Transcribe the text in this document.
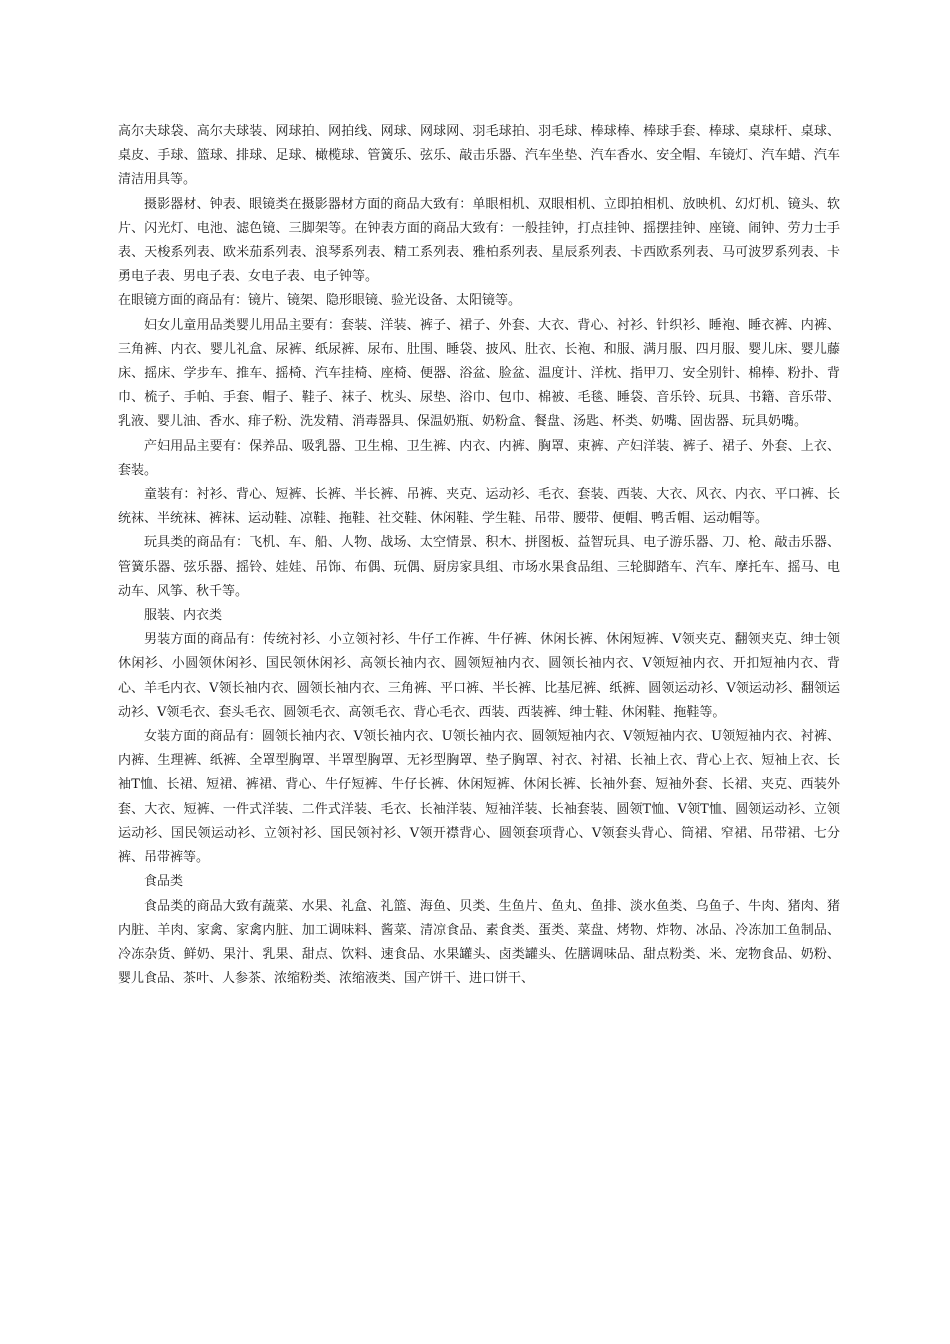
高尔夫球袋、高尔夫球装、网球拍、网拍线、网球、网球网、羽毛球拍、羽毛球、棒球棒、棒球手套、棒球、桌球杆、桌球、桌皮、手球、篮球、排球、足球、橄榄球、管簧乐、弦乐、敲击乐器、汽车坐垫、汽车香水、安全帽、车镜灯、汽车蜡、汽车清洁用具等。

摄影器材、钟表、眼镜类在摄影器材方面的商品大致有：单眼相机、双眼相机、立即拍相机、放映机、幻灯机、镜头、软片、闪光灯、电池、滤色镜、三脚架等。在钟表方面的商品大致有：一般挂钟，打点挂钟、摇摆挂钟、座镜、闹钟、劳力士手表、天梭系列表、欧米茄系列表、浪琴系列表、精工系列表、雅柏系列表、星辰系列表、卡西欧系列表、马可波罗系列表、卡勇电子表、男电子表、女电子表、电子钟等。

在眼镜方面的商品有：镜片、镜架、隐形眼镜、验光设备、太阳镜等。

妇女儿童用品类婴儿用品主要有：套装、洋装、裤子、裙子、外套、大衣、背心、衬衫、针织衫、睡袍、睡衣裤、内裤、三角裤、内衣、婴儿礼盒、尿裤、纸尿裤、尿布、肚围、睡袋、披风、肚衣、长袍、和服、满月服、四月服、婴儿床、婴儿藤床、摇床、学步车、推车、摇椅、汽车挂椅、座椅、便器、浴盆、脸盆、温度计、洋枕、指甲刀、安全别针、棉棒、粉扑、背巾、梳子、手帕、手套、帽子、鞋子、袜子、枕头、尿垫、浴巾、包巾、棉被、毛毯、睡袋、音乐铃、玩具、书籍、音乐带、乳液、婴儿油、香水、痱子粉、洗发精、消毒器具、保温奶瓶、奶粉盒、餐盘、汤匙、杯类、奶嘴、固齿器、玩具奶嘴。

产妇用品主要有：保养品、吸乳器、卫生棉、卫生裤、内衣、内裤、胸罩、束裤、产妇洋装、裤子、裙子、外套、上衣、套装。

童装有：衬衫、背心、短裤、长裤、半长裤、吊裤、夹克、运动衫、毛衣、套装、西装、大衣、风衣、内衣、平口裤、长统袜、半统袜、裤袜、运动鞋、凉鞋、拖鞋、社交鞋、休闲鞋、学生鞋、吊带、腰带、便帽、鸭舌帽、运动帽等。

玩具类的商品有：飞机、车、船、人物、战场、太空情景、积木、拼图板、益智玩具、电子游乐器、刀、枪、敲击乐器、管簧乐器、弦乐器、摇铃、娃娃、吊饰、布偶、玩偶、厨房家具组、市场水果食品组、三轮脚踏车、汽车、摩托车、摇马、电动车、风筝、秋千等。

服装、内衣类

男装方面的商品有：传统衬衫、小立领衬衫、牛仔工作裤、牛仔裤、休闲长裤、休闲短裤、V领夹克、翻领夹克、绅士领休闲衫、小圆领休闲衫、国民领休闲衫、高领长袖内衣、圆领短袖内衣、圆领长袖内衣、V领短袖内衣、开扣短袖内衣、背心、羊毛内衣、V领长袖内衣、圆领长袖内衣、三角裤、平口裤、半长裤、比基尼裤、纸裤、圆领运动衫、V领运动衫、翻领运动衫、V领毛衣、套头毛衣、圆领毛衣、高领毛衣、背心毛衣、西装、西装裤、绅士鞋、休闲鞋、拖鞋等。

女装方面的商品有：圆领长袖内衣、V领长袖内衣、U领长袖内衣、圆领短袖内衣、V领短袖内衣、U领短袖内衣、衬裤、内裤、生理裤、纸裤、全罩型胸罩、半罩型胸罩、无衫型胸罩、垫子胸罩、衬衣、衬裙、长袖上衣、背心上衣、短袖上衣、长袖T恤、长裙、短裙、裤裙、背心、牛仔短裤、牛仔长裤、休闲短裤、休闲长裤、长袖外套、短袖外套、长裙、夹克、西装外套、大衣、短裤、一件式洋装、二件式洋装、毛衣、长袖洋装、短袖洋装、长袖套装、圆领T恤、V领T恤、圆领运动衫、立领运动衫、国民领运动衫、立领衬衫、国民领衬衫、V领开襟背心、圆领套项背心、V领套头背心、筒裙、窄裙、吊带裙、七分裤、吊带裤等。

食品类

食品类的商品大致有蔬菜、水果、礼盒、礼篮、海鱼、贝类、生鱼片、鱼丸、鱼排、淡水鱼类、乌鱼子、牛肉、猪肉、猪内脏、羊肉、家禽、家禽内脏、加工调味料、酱菜、清凉食品、素食类、蛋类、菜盘、烤物、炸物、冰品、冷冻加工鱼制品、冷冻杂货、鲜奶、果汁、乳果、甜点、饮料、速食品、水果罐头、卤类罐头、佐膳调味品、甜点粉类、米、宠物食品、奶粉、婴儿食品、茶叶、人参茶、浓缩粉类、浓缩液类、国产饼干、进口饼干、
